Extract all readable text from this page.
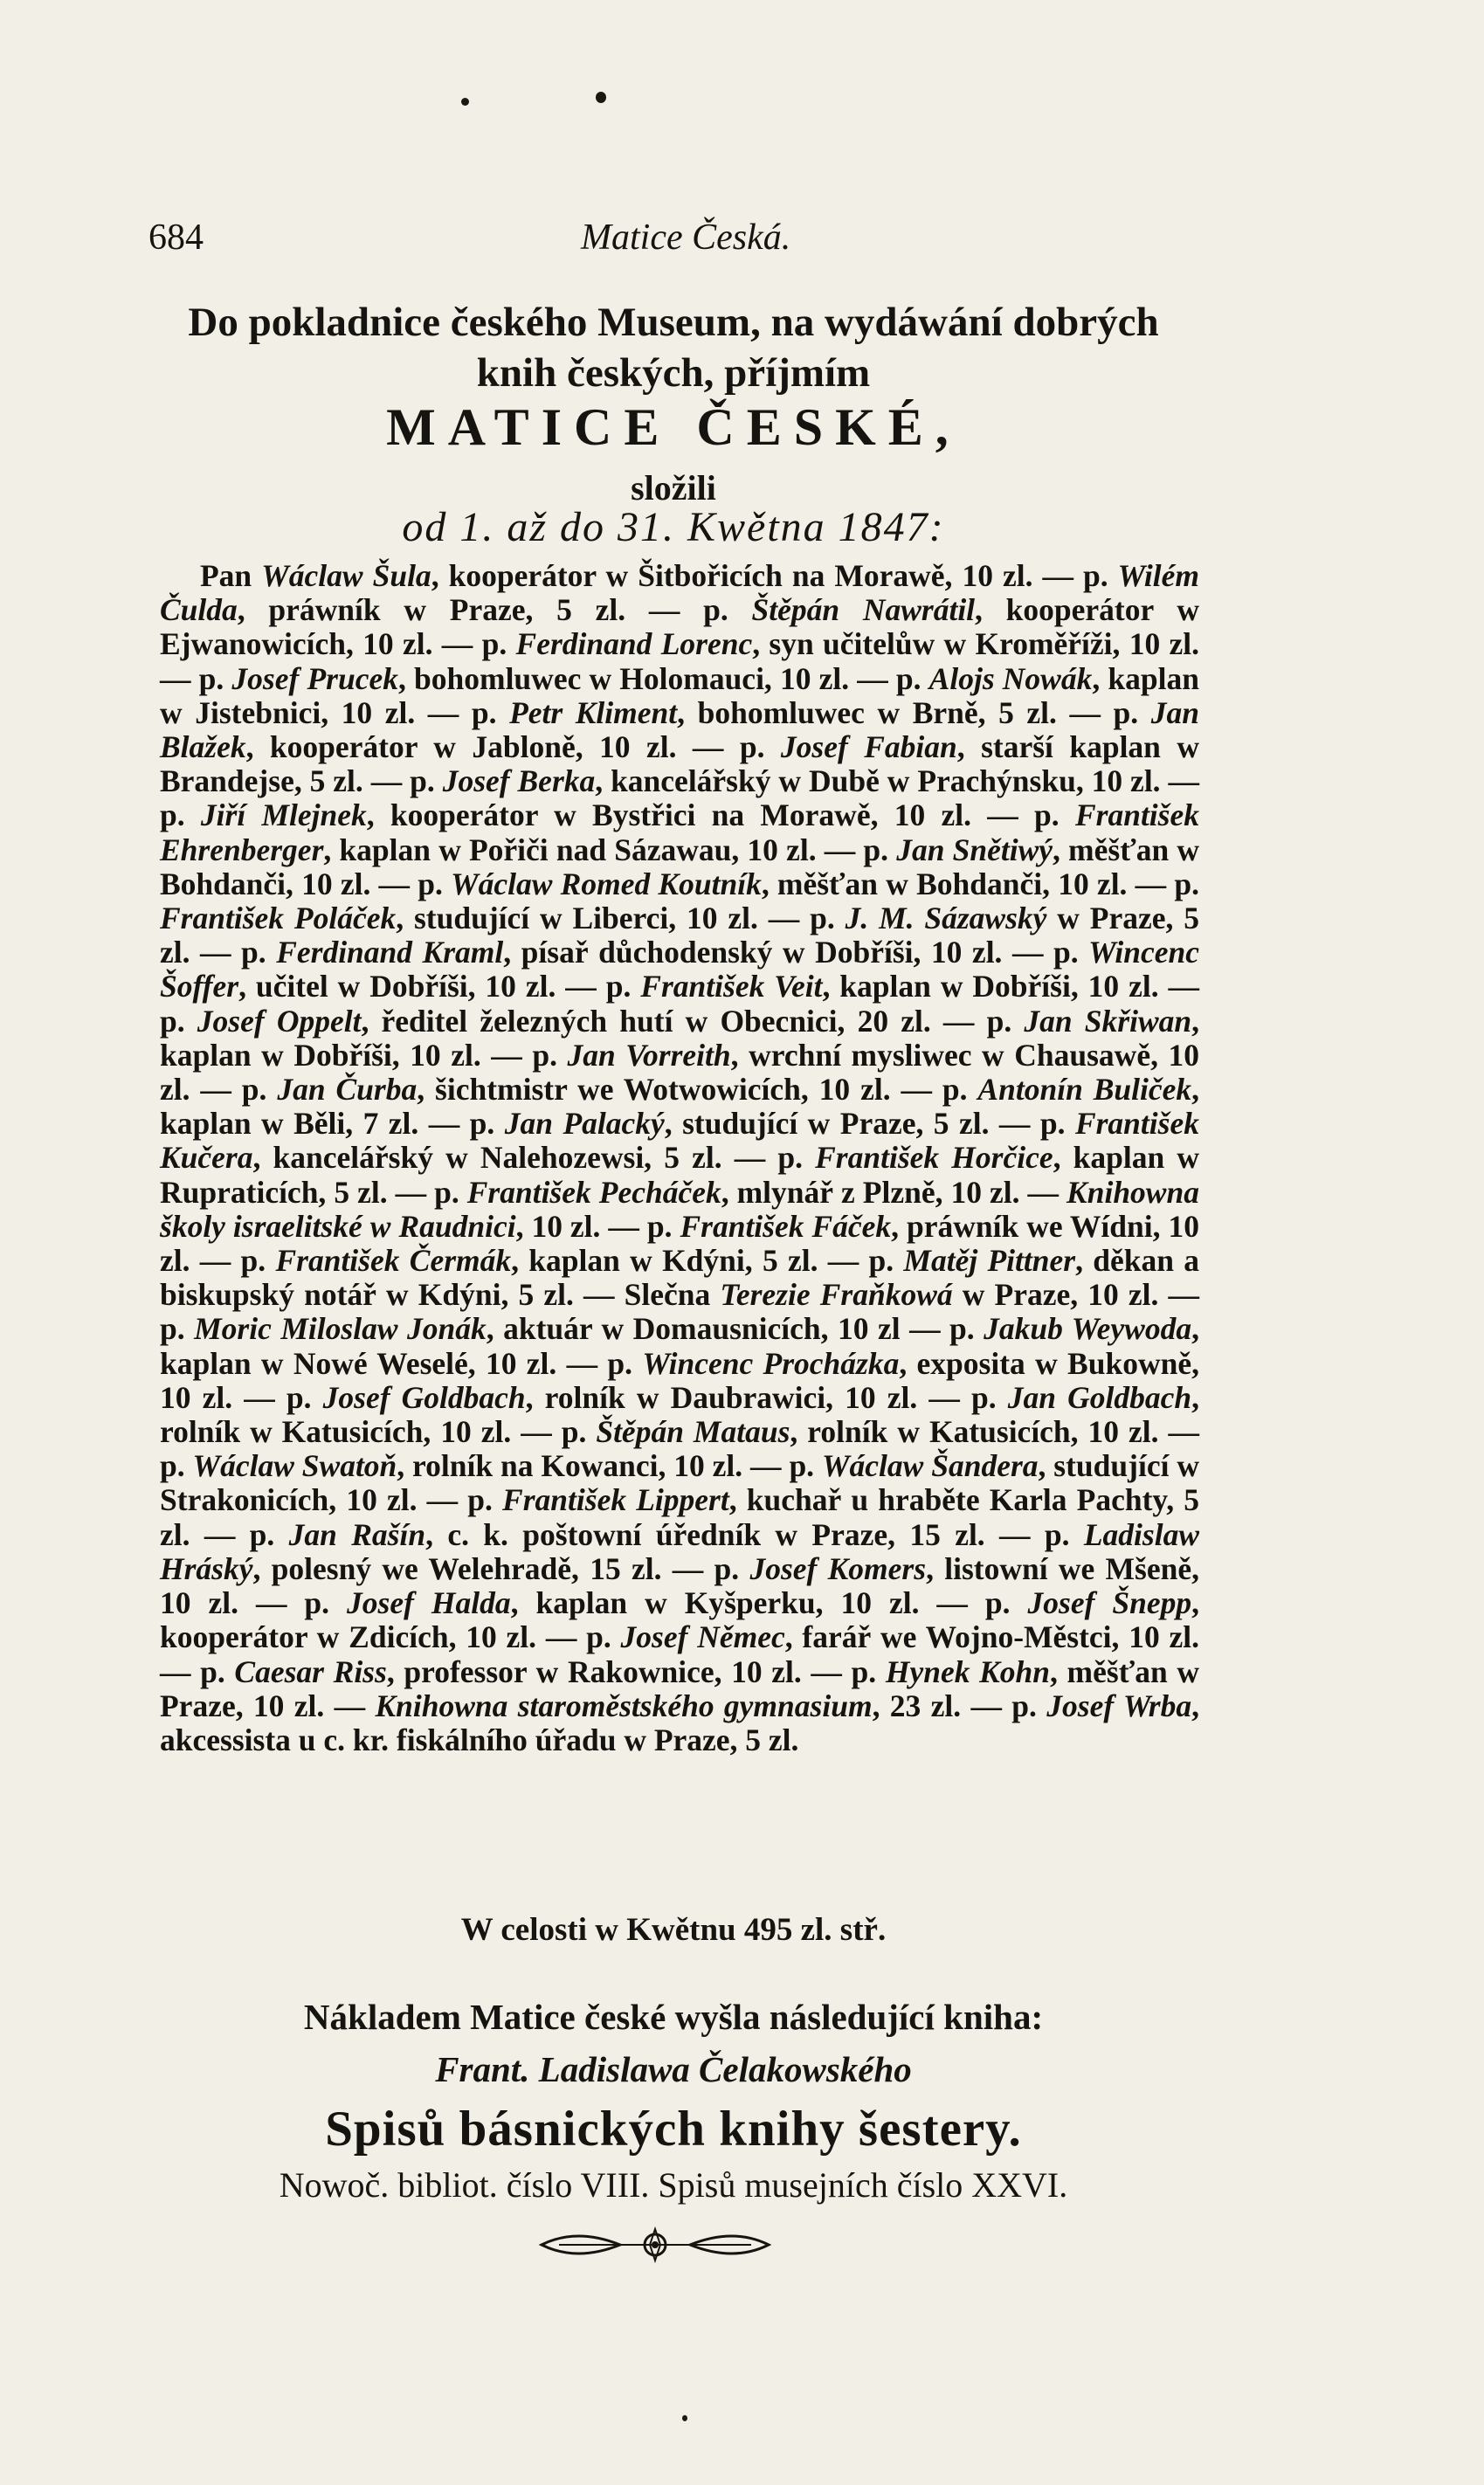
684	Matice Česká.
Do pokladnice českého Museum, na wydáwání dobrých knih českých, příjmím
MATICE ČESKÉ,
složili
od 1. až do 31. Kwětna 1847:
Pan Wáclaw Šula, kooperátor w Šitbořicích na Morawě, 10 zl. — p. Wilém Čulda, práwník w Praze, 5 zl. — p. Štěpán Nawrátil, kooperátor w Ejwanowicích, 10 zl. — p. Ferdinand Lorenc, syn učitelůw w Kroměříži, 10 zl. — p. Josef Prucek, bohomluwec w Holomauci, 10 zl. — p. Alojs Nowák, kaplan w Jistebnici, 10 zl. — p. Petr Kliment, bohomluwec w Brně, 5 zl. — p. Jan Blažek, kooperátor w Jabloně, 10 zl. — p. Josef Fabian, starší kaplan w Brandejse, 5 zl. — p. Josef Berka, kancelářský w Dubě w Prachýnsku, 10 zl. — p. Jiří Mlejnek, kooperátor w Bystřici na Morawě, 10 zl. — p. František Ehrenberger, kaplan w Pořiči nad Sázawau, 10 zl. — p. Jan Snětiwý, měšťan w Bohdanči, 10 zl. — p. Wáclaw Romed Koutník, měšťan w Bohdanči, 10 zl. — p. František Poláček, studující w Liberci, 10 zl. — p. J. M. Sázawský w Praze, 5 zl. — p. Ferdinand Kraml, písař důchodenský w Dobříši, 10 zl. — p. Wincenc Šoffer, učitel w Dobříši, 10 zl. — p. František Veit, kaplan w Dobříši, 10 zl. — p. Josef Oppelt, ředitel železných hutí w Obecnici, 20 zl. — p. Jan Skřiwan, kaplan w Dobříši, 10 zl. — p. Jan Vorreith, wrchní mysliwec w Chausawě, 10 zl. — p. Jan Čurba, šichtmistr we Wotwowicích, 10 zl. — p. Antonín Buliček, kaplan w Běli, 7 zl. — p. Jan Palacký, studující w Praze, 5 zl. — p. František Kučera, kancelářský w Nalehozewsi, 5 zl. — p. František Horčice, kaplan w Rupraticích, 5 zl. — p. František Pecháček, mlynář z Plzně, 10 zl. — Knihowna školy israelitské w Raudnici, 10 zl. — p. František Fáček, práwník we Wídni, 10 zl. — p. František Čermák, kaplan w Kdýni, 5 zl. — p. Matěj Pittner, děkan a biskupský notář w Kdýni, 5 zl. — Slečna Terezie Fraňkowá w Praze, 10 zl. — p. Moric Miloslaw Jonák, aktuár w Domausnicích, 10 zl — p. Jakub Weywoda, kaplan w Nowé Weselé, 10 zl. — p. Wincenc Procházka, exposita w Bukowně, 10 zl. — p. Josef Goldbach, rolník w Daubrawici, 10 zl. — p. Jan Goldbach, rolník w Katusicích, 10 zl. — p. Štěpán Mataus, rolník w Katusicích, 10 zl. — p. Wáclaw Swatoň, rolník na Kowanci, 10 zl. — p. Wáclaw Šandera, studující w Strakonicích, 10 zl. — p. František Lippert, kuchař u hraběte Karla Pachty, 5 zl. — p. Jan Rašín, c. k. poštowní úředník w Praze, 15 zl. — p. Ladislaw Hráský, polesný we Welehradě, 15 zl. — p. Josef Komers, listowní we Mšeně, 10 zl. — p. Josef Halda, kaplan w Kyšperku, 10 zl. — p. Josef Šnepp, kooperátor w Zdicích, 10 zl. — p. Josef Němec, farář we Wojno-Městci, 10 zl. — p. Caesar Riss, professor w Rakownice, 10 zl. — p. Hynek Kohn, měšťan w Praze, 10 zl. — Knihowna staroměstského gymnasium, 23 zl. — p. Josef Wrba, akcessista u c. kr. fiskálního úřadu w Praze, 5 zl.
W celosti w Kwětnu 495 zl. stř.
Nákladem Matice české wyšla následující kniha:
Frant. Ladislawa Čelakowského
Spisů básnických knihy šestery.
Nowoč. bibliot. číslo VIII. Spisů musejních číslo XXVI.
